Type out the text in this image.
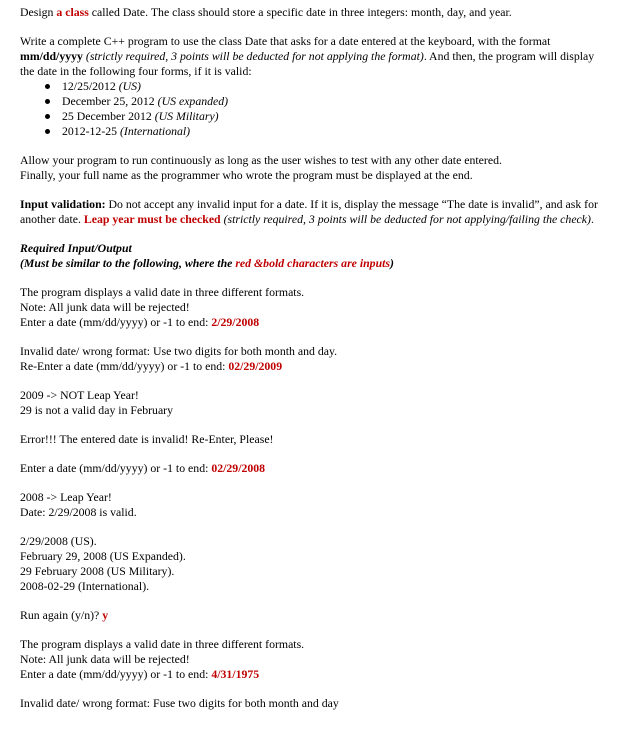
Design a class called Date. The class should store a specific date in three integers: month, day, and year.

Write a complete C++ program to use the class Date that asks for a date entered at the keyboard, with the format mm/dd/yyyy (strictly required, 3 points will be deducted for not applying the format). And then, the program will display the date in the following four forms, if it is valid:

12/25/2012 (US)
December 25, 2012 (US expanded)
25 December 2012 (US Military)
2012-12-25 (International)

Allow your program to run continuously as long as the user wishes to test with any other date entered.
Finally, your full name as the programmer who wrote the program must be displayed at the end.

Input validation: Do not accept any invalid input for a date. If it is, display the message “The date is invalid”, and ask for another date. Leap year must be checked (strictly required, 3 points will be deducted for not applying/failing the check).

Required Input/Output

(Must be similar to the following, where the red &bold characters are inputs)

The program displays a valid date in three different formats.

Note: All junk data will be rejected!

Enter a date (mm/dd/yyyy) or -1 to end: 2/29/2008

Invalid date/ wrong format: Use two digits for both month and day.

Re-Enter a date (mm/dd/yyyy) or -1 to end: 02/29/2009

2009 -> NOT Leap Year!

29 is not a valid day in February

Error!!! The entered date is invalid! Re-Enter, Please!

Enter a date (mm/dd/yyyy) or -1 to end: 02/29/2008

2008 -> Leap Year!

Date: 2/29/2008 is valid.

2/29/2008 (US).

February 29, 2008 (US Expanded).

29 February 2008 (US Military).

2008-02-29 (International).

Run again (y/n)? y

The program displays a valid date in three different formats.

Note: All junk data will be rejected!

Enter a date (mm/dd/yyyy) or -1 to end: 4/31/1975

Invalid date/ wrong format: Fuse two digits for both month and day
